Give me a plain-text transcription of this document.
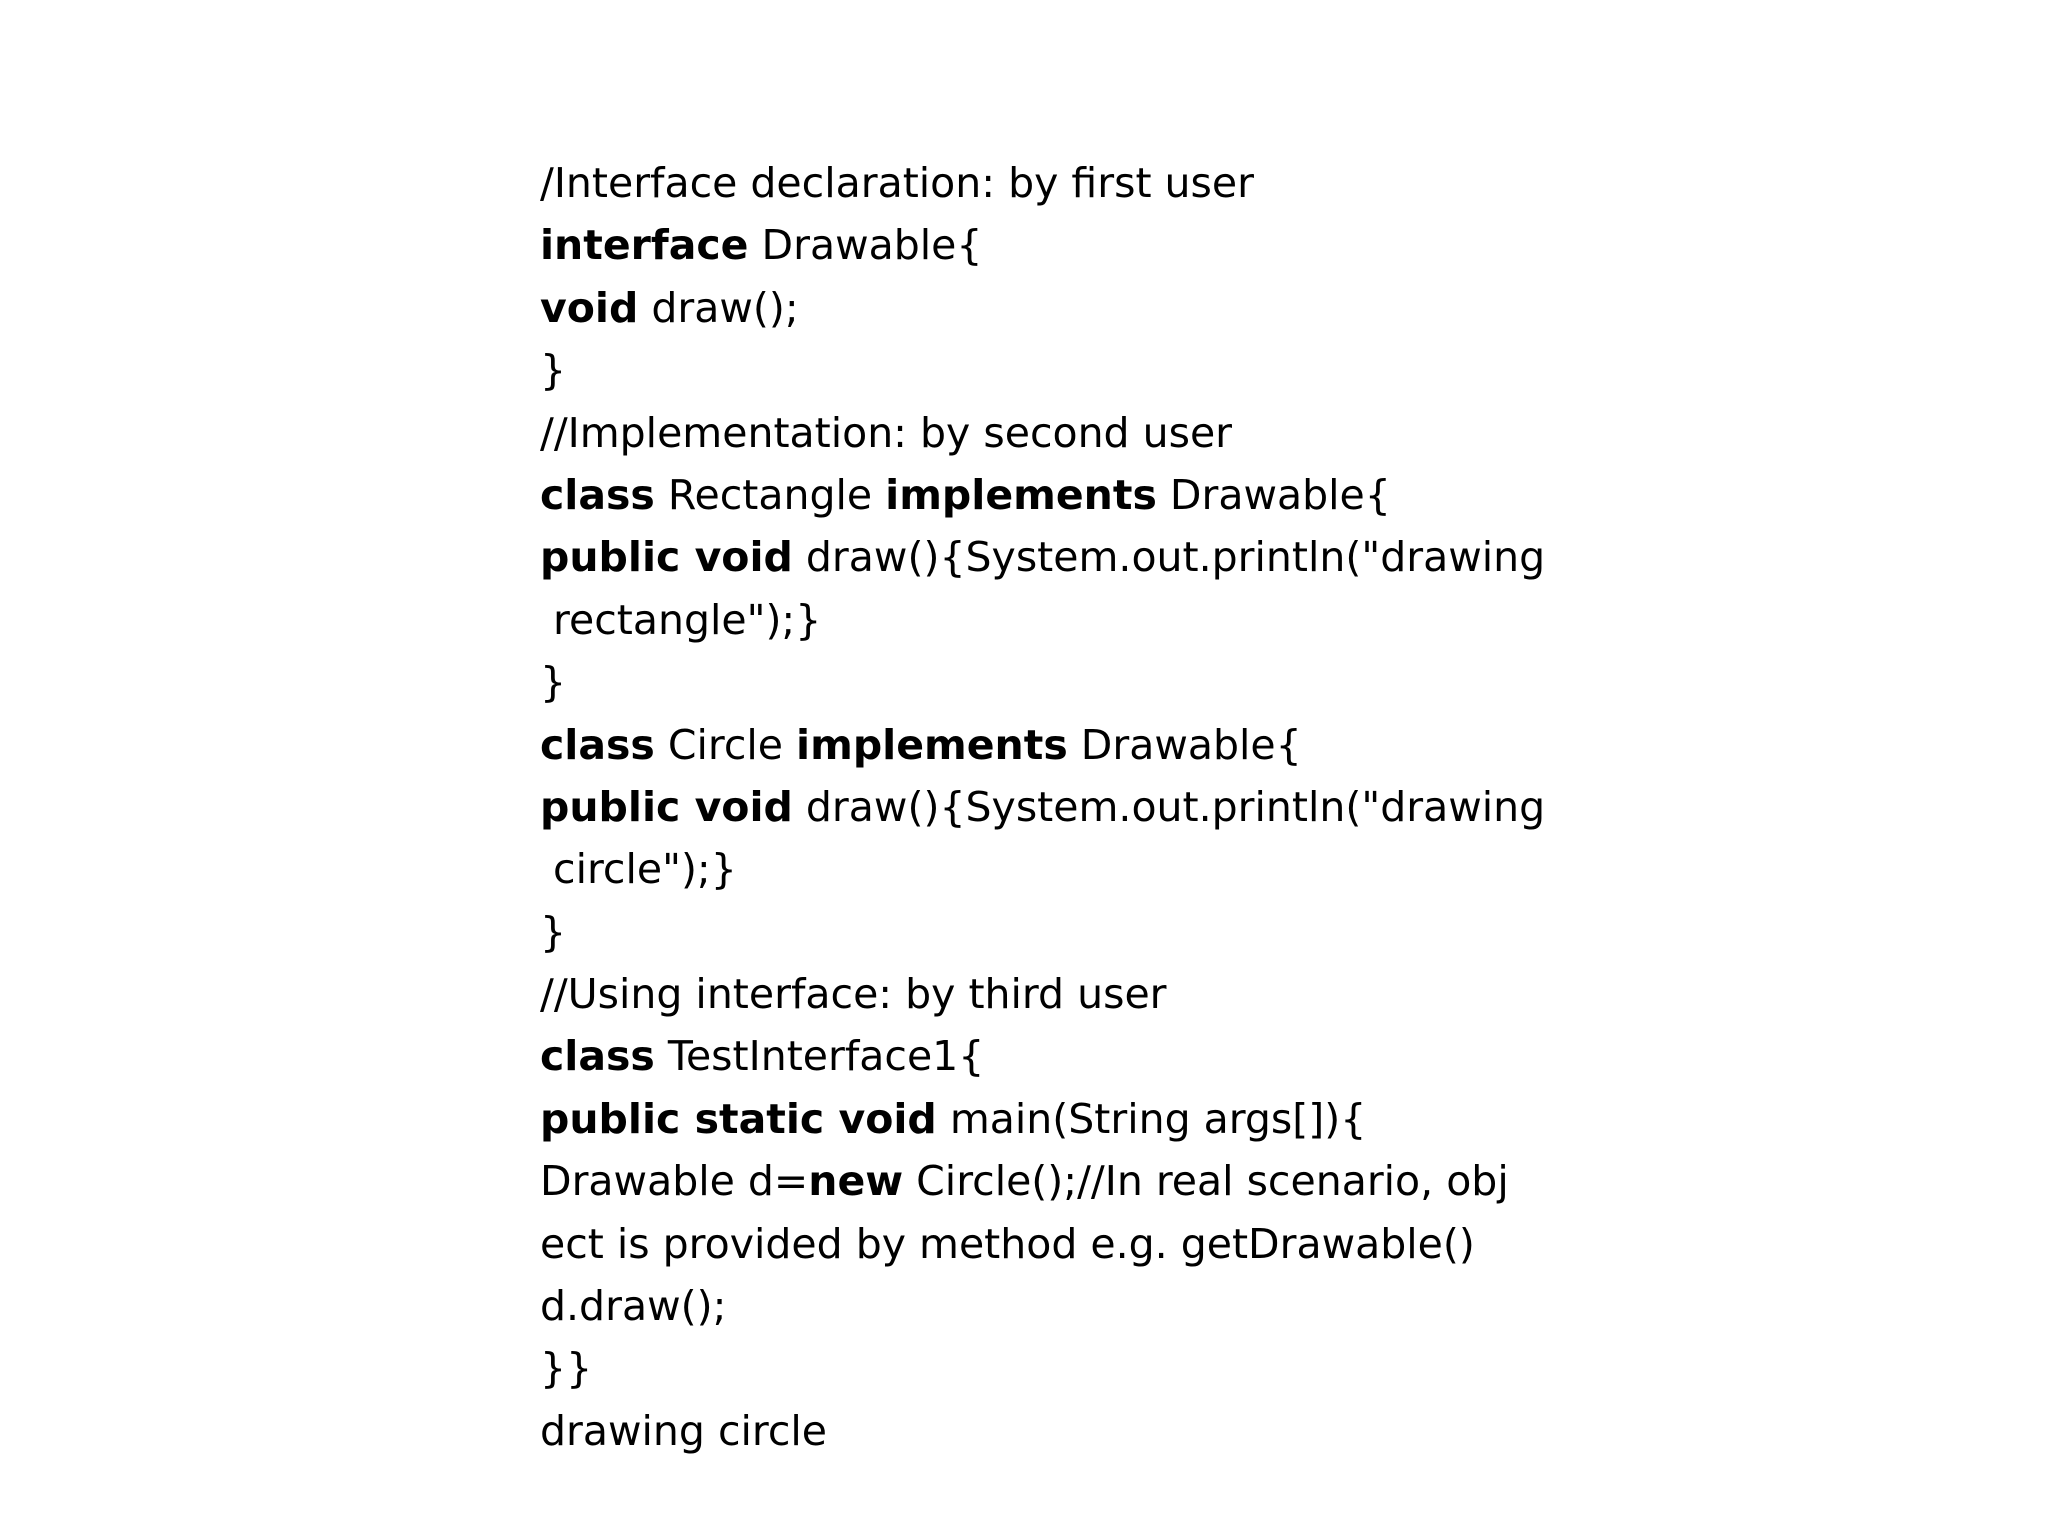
/Interface declaration: by first user
interface Drawable{
void draw();
}
//Implementation: by second user
class Rectangle implements Drawable{
public void draw(){System.out.println("drawing
rectangle");}
}
class Circle implements Drawable{
public void draw(){System.out.println("drawing
circle");}
}
//Using interface: by third user
class TestInterface1{
public static void main(String args[]){
Drawable d=new Circle();//In real scenario, obj
ect is provided by method e.g. getDrawable()
d.draw();
}}
drawing circle
